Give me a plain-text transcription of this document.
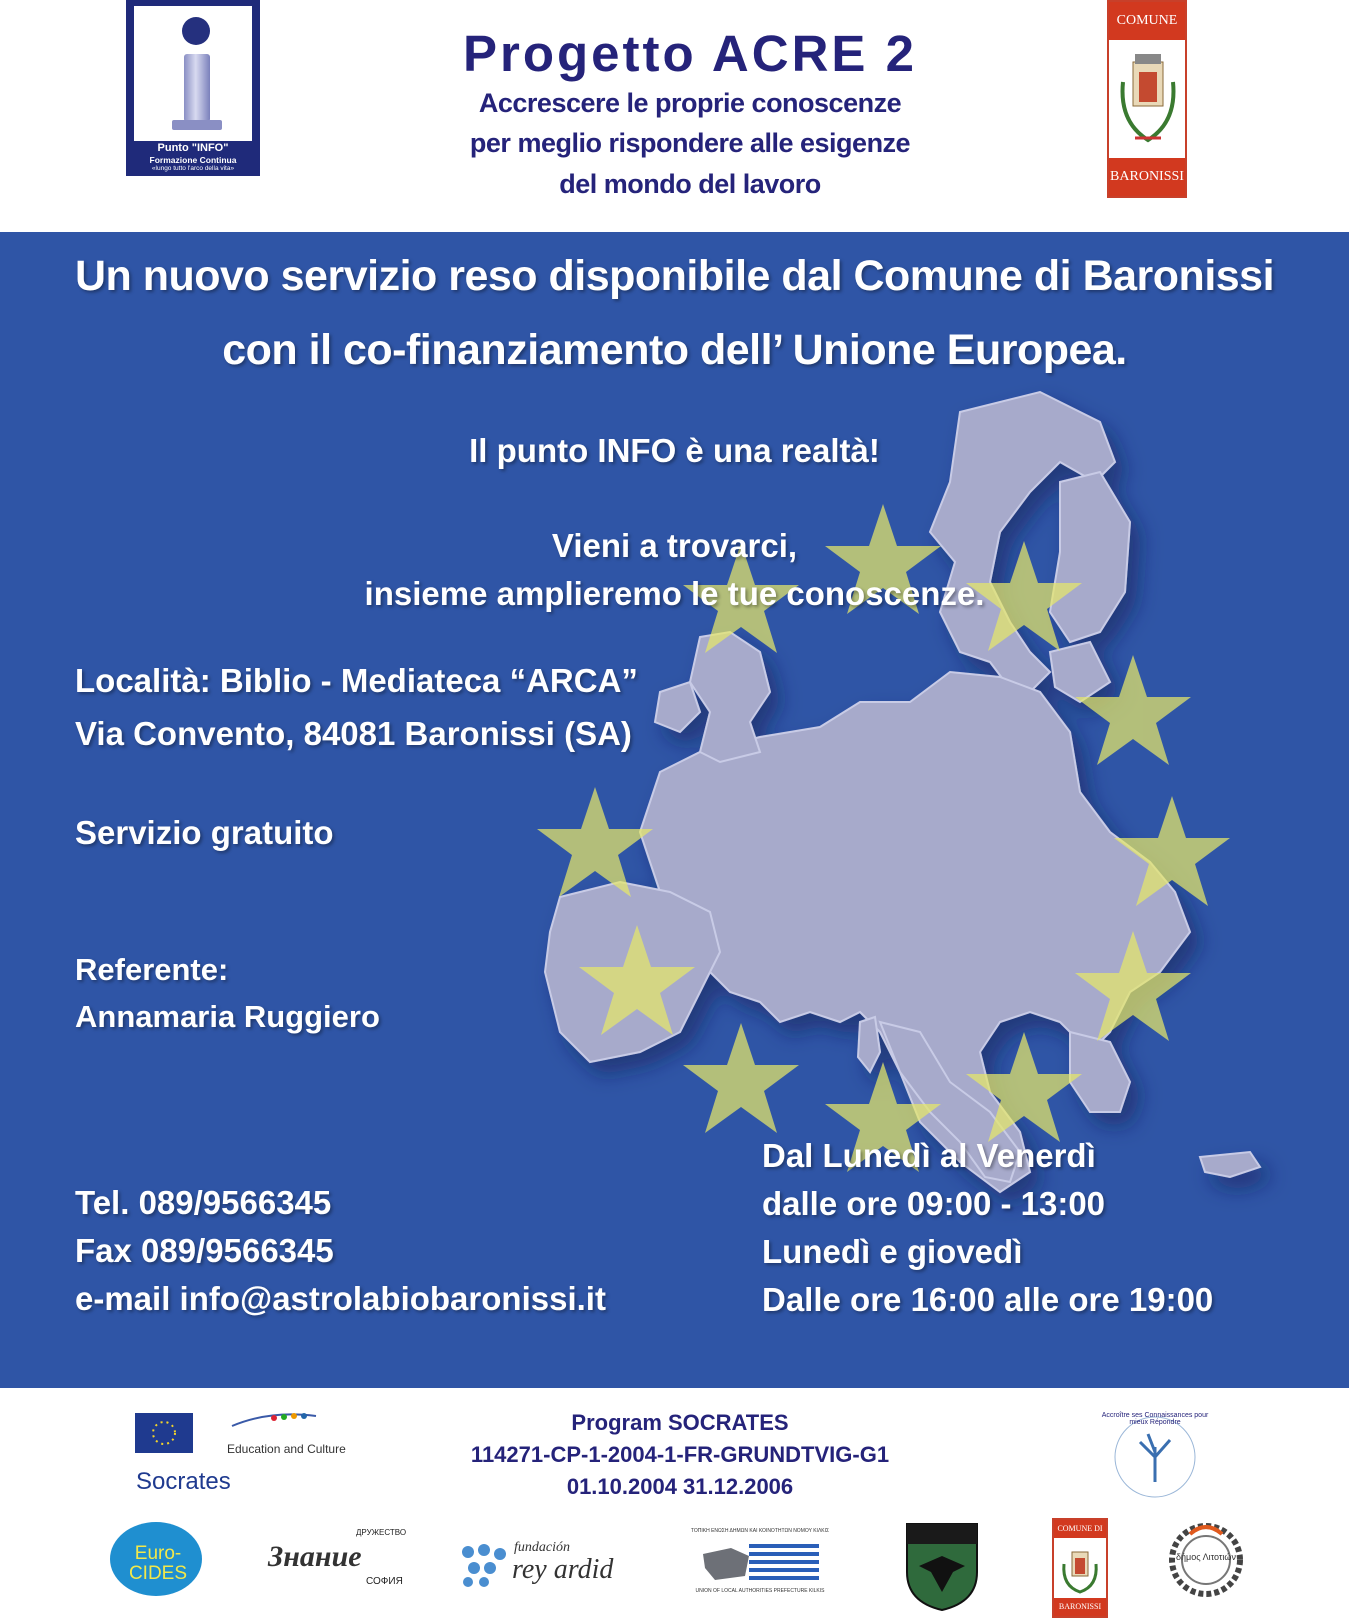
Punto "INFO"
Formazione Continua
«lungo tutto l'arco della vita»
Progetto ACRE 2
Accrescere le proprie conoscenze
per meglio rispondere alle esigenze
del mondo del lavoro
COMUNE
BARONISSI
Un nuovo servizio reso disponibile dal Comune di Baronissi
con il co-finanziamento dell’ Unione Europea.
Il punto INFO è una realtà!
Vieni a trovarci,
insieme amplieremo le tue conoscenze.
Località: Biblio - Mediateca “ARCA”
Via Convento, 84081 Baronissi (SA)
Servizio gratuito
Referente:
Annamaria Ruggiero
Tel. 089/9566345
Fax 089/9566345
e-mail info@astrolabiobaronissi.it
Dal Lunedì al Venerdì
dalle ore 09:00 - 13:00
Lunedì e giovedì
Dalle ore 16:00 alle ore 19:00
Program SOCRATES
114271-CP-1-2004-1-FR-GRUNDTVIG-G1
01.10.2004 31.12.2006
Education and Culture
Socrates
Accroître ses Connaissances pour mieux Répondre
Euro-CIDES
ДРУЖЕСТВО
Знание
СОФИЯ
fundación
rey ardid
ΤΟΠΙΚΗ ΕΝΩΣΗ ΔΗΜΩΝ ΚΑΙ ΚΟΙΝΟΤΗΤΩΝ ΝΟΜΟΥ ΚΙΛΚΙΣ
UNION OF LOCAL AUTHORITIES PREFECTURE KILKIS
COMUNE DI
BARONISSI
δήμος Λιτοτιών
